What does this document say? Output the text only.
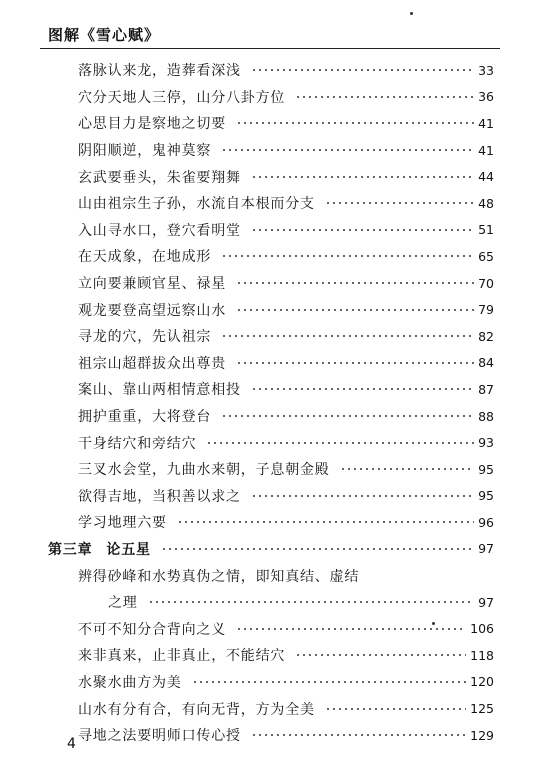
图解《雪心赋》
落脉认来龙，造葬看深浅	33
穴分天地人三停，山分八卦方位	36
心思目力是察地之切要	41
阴阳顺逆，鬼神莫察	41
玄武要垂头，朱雀要翔舞	44
山由祖宗生子孙，水流自本根而分支	48
入山寻水口，登穴看明堂	51
在天成象，在地成形	65
立向要兼顾官星、禄星	70
观龙要登高望远察山水	79
寻龙的穴，先认祖宗	82
祖宗山超群拔众出尊贵	84
案山、靠山两相情意相投	87
拥护重重，大将登台	88
干身结穴和旁结穴	93
三叉水会堂，九曲水来朝，子息朝金殿	95
欲得吉地，当积善以求之	95
学习地理六要	96
第三章 论五星	97
辨得砂峰和水势真伪之情，即知真结、虚结
之理	97
不可不知分合背向之义	106
来非真来，止非真止，不能结穴	118
水聚水曲方为美	120
山水有分有合，有向无背，方为全美	125
寻地之法要明师口传心授	129
4
